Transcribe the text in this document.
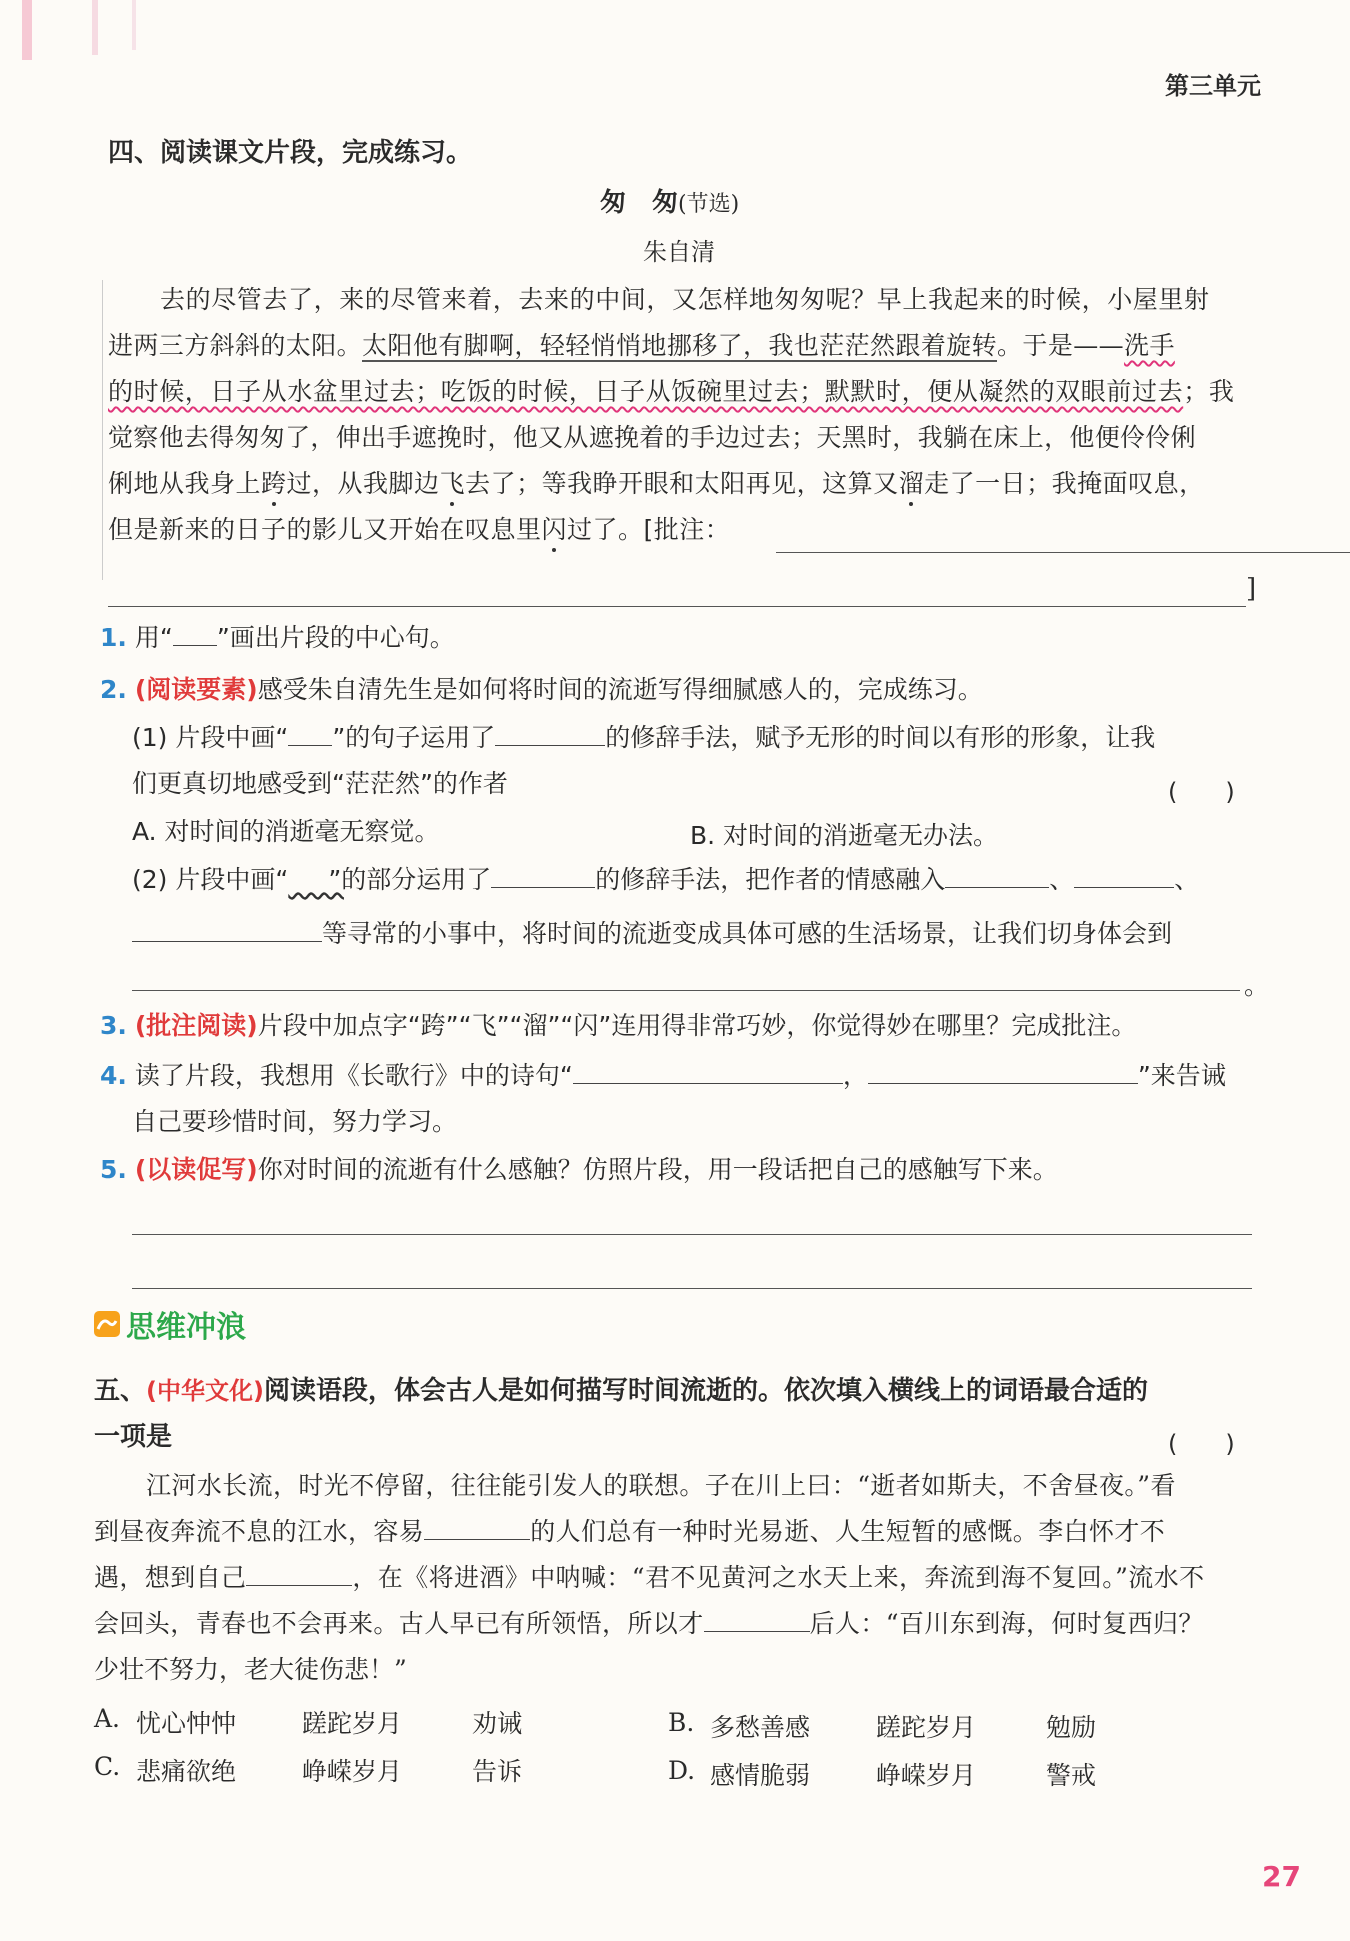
第三单元
四、阅读课文片段，完成练习。
匆　匆(节选)
朱自清
去的尽管去了，来的尽管来着，去来的中间，又怎样地匆匆呢？早上我起来的时候，小屋里射
进两三方斜斜的太阳。太阳他有脚啊，轻轻悄悄地挪移了，我也茫茫然跟着旋转。于是——洗手
的时候，日子从水盆里过去；吃饭的时候，日子从饭碗里过去；默默时，便从凝然的双眼前过去；我
觉察他去得匆匆了，伸出手遮挽时，他又从遮挽着的手边过去；天黑时，我躺在床上，他便伶伶俐
俐地从我身上跨过，从我脚边飞去了；等我睁开眼和太阳再见，这算又溜走了一日；我掩面叹息，
但是新来的日子的影儿又开始在叹息里闪过了。[批注：
]
1. 用“ ”画出片段的中心句。
2. (阅读要素)感受朱自清先生是如何将时间的流逝写得细腻感人的，完成练习。
(1) 片段中画“ ”的句子运用了	的修辞手法，赋予无形的时间以有形的形象，让我
们更真切地感受到“茫茫然”的作者	(　　)
A. 对时间的消逝毫无察觉。	B. 对时间的消逝毫无办法。
(2) 片段中画“ ”的部分运用了	的修辞手法，把作者的情感融入	、	、
等寻常的小事中，将时间的流逝变成具体可感的生活场景，让我们切身体会到
。
3. (批注阅读)片段中加点字“跨”“飞”“溜”“闪”连用得非常巧妙，你觉得妙在哪里？完成批注。
4. 读了片段，我想用《长歌行》中的诗句“	，	”来告诫
自己要珍惜时间，努力学习。
5. (以读促写)你对时间的流逝有什么感触？仿照片段，用一段话把自己的感触写下来。
思维冲浪
五、(中华文化)阅读语段，体会古人是如何描写时间流逝的。依次填入横线上的词语最合适的
一项是	(　　)
江河水长流，时光不停留，往往能引发人的联想。子在川上曰：“逝者如斯夫，不舍昼夜。”看
到昼夜奔流不息的江水，容易	的人们总有一种时光易逝、人生短暂的感慨。李白怀才不
遇，想到自己	，在《将进酒》中呐喊：“君不见黄河之水天上来，奔流到海不复回。”流水不
会回头，青春也不会再来。古人早已有所领悟，所以才	后人：“百川东到海，何时复西归？
少壮不努力，老大徒伤悲！”
A. 忧心忡忡	蹉跎岁月	劝诫	B. 多愁善感	蹉跎岁月	勉励
C. 悲痛欲绝	峥嵘岁月	告诉	D. 感情脆弱	峥嵘岁月	警戒
27
